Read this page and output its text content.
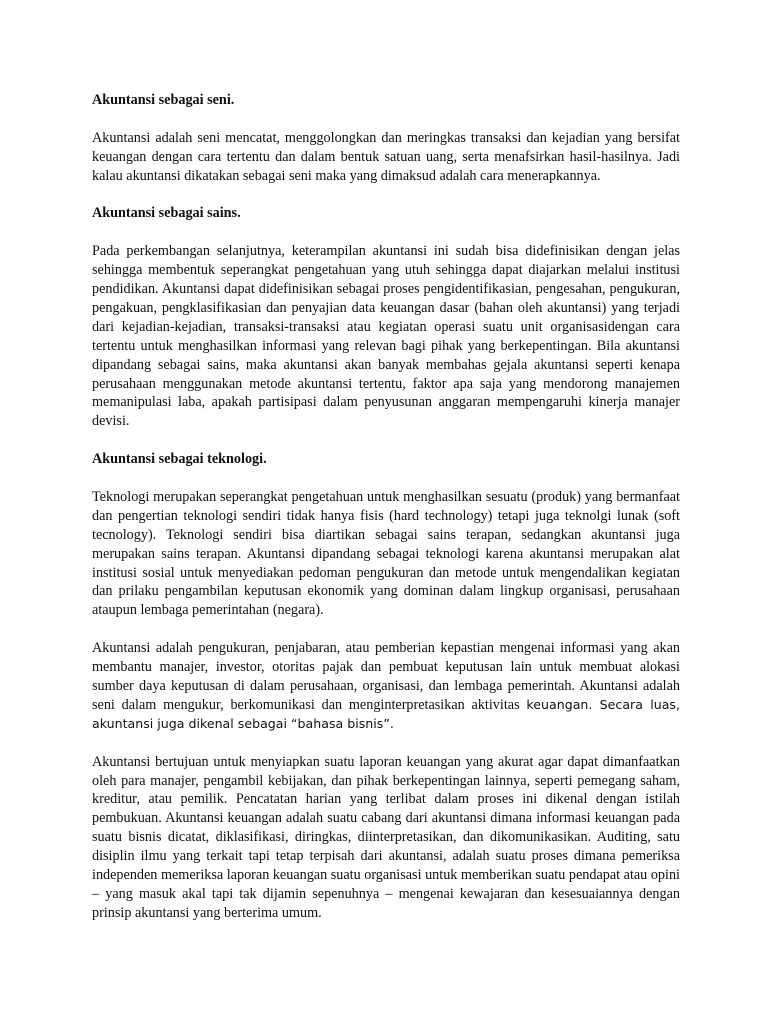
Akuntansi sebagai seni.

Akuntansi adalah seni mencatat, menggolongkan dan meringkas transaksi dan kejadian yang bersifat keuangan dengan cara tertentu dan dalam bentuk satuan uang, serta menafsirkan hasil-hasilnya. Jadi kalau akuntansi dikatakan sebagai seni maka yang dimaksud adalah cara menerapkannya.

Akuntansi sebagai sains.

Pada perkembangan selanjutnya, keterampilan akuntansi ini sudah bisa didefinisikan dengan jelas sehingga membentuk seperangkat pengetahuan yang utuh sehingga dapat diajarkan melalui institusi pendidikan. Akuntansi dapat didefinisikan sebagai proses pengidentifikasian, pengesahan, pengukuran, pengakuan, pengklasifikasian dan penyajian data keuangan dasar (bahan oleh akuntansi) yang terjadi dari kejadian-kejadian, transaksi-transaksi atau kegiatan operasi suatu unit organisasidengan cara tertentu untuk menghasilkan informasi yang relevan bagi pihak yang berkepentingan. Bila akuntansi dipandang sebagai sains, maka akuntansi akan banyak membahas gejala akuntansi seperti kenapa perusahaan menggunakan metode akuntansi tertentu, faktor apa saja yang mendorong manajemen memanipulasi laba, apakah partisipasi dalam penyusunan anggaran mempengaruhi kinerja manajer devisi.

Akuntansi sebagai teknologi.

Teknologi merupakan seperangkat pengetahuan untuk menghasilkan sesuatu (produk) yang bermanfaat dan pengertian teknologi sendiri tidak hanya fisis (hard technology) tetapi juga teknolgi lunak (soft tecnology). Teknologi sendiri bisa diartikan sebagai sains terapan, sedangkan akuntansi juga merupakan sains terapan. Akuntansi dipandang sebagai teknologi karena akuntansi merupakan alat institusi sosial untuk menyediakan pedoman pengukuran dan metode untuk mengendalikan kegiatan dan prilaku pengambilan keputusan ekonomik yang dominan dalam lingkup organisasi, perusahaan ataupun lembaga pemerintahan (negara).

Akuntansi adalah pengukuran, penjabaran, atau pemberian kepastian mengenai informasi yang akan membantu manajer, investor, otoritas pajak dan pembuat keputusan lain untuk membuat alokasi sumber daya keputusan di dalam perusahaan, organisasi, dan lembaga pemerintah. Akuntansi adalah seni dalam mengukur, berkomunikasi dan menginterpretasikan aktivitas keuangan. Secara luas, akuntansi juga dikenal sebagai “bahasa bisnis”.

Akuntansi bertujuan untuk menyiapkan suatu laporan keuangan yang akurat agar dapat dimanfaatkan oleh para manajer, pengambil kebijakan, dan pihak berkepentingan lainnya, seperti pemegang saham, kreditur, atau pemilik. Pencatatan harian yang terlibat dalam proses ini dikenal dengan istilah pembukuan. Akuntansi keuangan adalah suatu cabang dari akuntansi dimana informasi keuangan pada suatu bisnis dicatat, diklasifikasi, diringkas, diinterpretasikan, dan dikomunikasikan. Auditing, satu disiplin ilmu yang terkait tapi tetap terpisah dari akuntansi, adalah suatu proses dimana pemeriksa independen memeriksa laporan keuangan suatu organisasi untuk memberikan suatu pendapat atau opini – yang masuk akal tapi tak dijamin sepenuhnya – mengenai kewajaran dan kesesuaiannya dengan prinsip akuntansi yang berterima umum.
